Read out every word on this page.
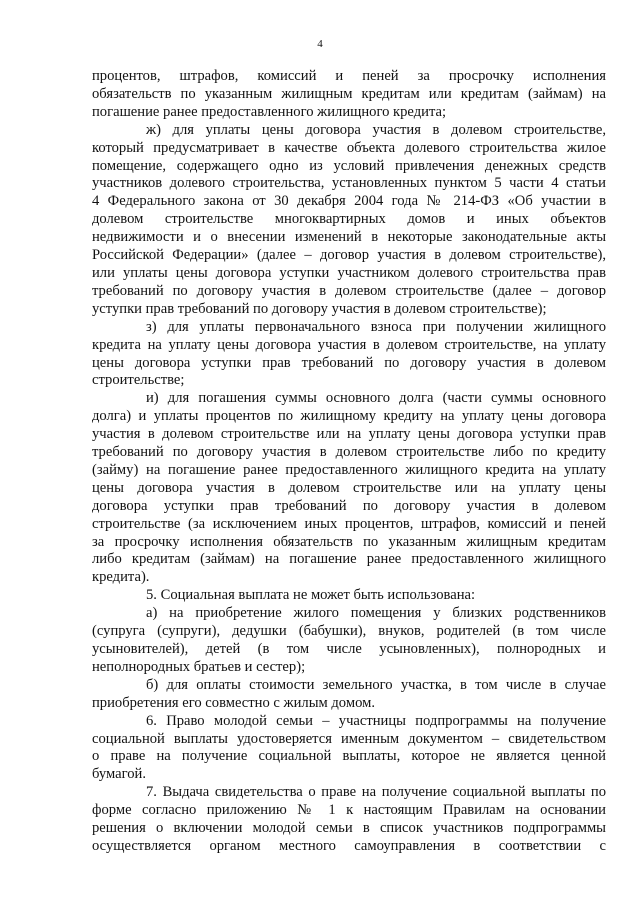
4

процентов, штрафов, комиссий и пеней за просрочку исполнения
обязательств по указанным жилищным кредитам или кредитам (займам) на
погашение ранее предоставленного жилищного кредита;

ж) для уплаты цены договора участия в долевом строительстве,
который предусматривает в качестве объекта долевого строительства жилое
помещение, содержащего одно из условий привлечения денежных средств
участников долевого строительства, установленных пунктом 5 части 4 статьи
4 Федерального закона от 30 декабря 2004 года № 214-ФЗ «Об участии в
долевом строительстве многоквартирных домов и иных объектов
недвижимости и о внесении изменений в некоторые законодательные акты
Российской Федерации» (далее – договор участия в долевом строительстве),
или уплаты цены договора уступки участником долевого строительства прав
требований по договору участия в долевом строительстве (далее – договор
уступки прав требований по договору участия в долевом строительстве);

з) для уплаты первоначального взноса при получении жилищного
кредита на уплату цены договора участия в долевом строительстве, на уплату
цены договора уступки прав требований по договору участия в долевом
строительстве;

и) для погашения суммы основного долга (части суммы основного
долга) и уплаты процентов по жилищному кредиту на уплату цены договора
участия в долевом строительстве или на уплату цены договора уступки прав
требований по договору участия в долевом строительстве либо по кредиту
(займу) на погашение ранее предоставленного жилищного кредита на уплату
цены договора участия в долевом строительстве или на уплату цены
договора уступки прав требований по договору участия в долевом
строительстве (за исключением иных процентов, штрафов, комиссий и пеней
за просрочку исполнения обязательств по указанным жилищным кредитам
либо кредитам (займам) на погашение ранее предоставленного жилищного
кредита).

5. Социальная выплата не может быть использована:

а) на приобретение жилого помещения у близких родственников
(супруга (супруги), дедушки (бабушки), внуков, родителей (в том числе
усыновителей), детей (в том числе усыновленных), полнородных и
неполнородных братьев и сестер);

б) для оплаты стоимости земельного участка, в том числе в случае
приобретения его совместно с жилым домом.

6. Право молодой семьи – участницы подпрограммы на получение
социальной выплаты удостоверяется именным документом – свидетельством
о праве на получение социальной выплаты, которое не является ценной
бумагой.

7. Выдача свидетельства о праве на получение социальной выплаты по
форме согласно приложению № 1 к настоящим Правилам на основании
решения о включении молодой семьи в список участников подпрограммы
осуществляется органом местного самоуправления в соответствии с
